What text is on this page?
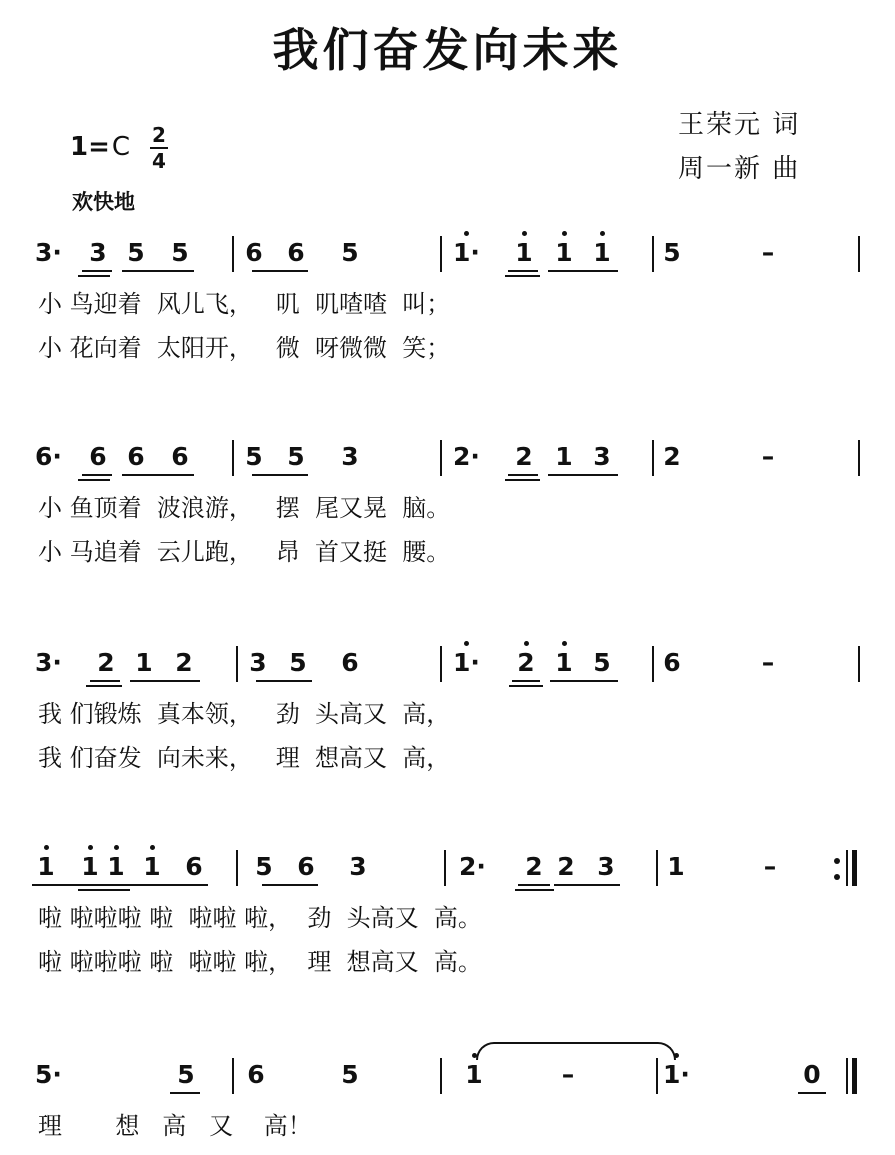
我们奋发向未来
1=C 2
4
欢快地
王荣元 词
周一新 曲
3· 3 5 5 6 6 5	1· 1 1 1 5	–
小 鸟迎着  风儿飞，   叽  叽喳喳  叫；
小 花向着  太阳开，   微  呀微微  笑；
6· 6 6 6 5 5 3	2· 2 1 3 2	–
小 鱼顶着  波浪游，   摆  尾又晃  脑。
小 马追着  云儿跑，   昂  首又挺  腰。
3· 2 1 2 3 5 6	1· 2 1 5 6	–
我 们锻炼  真本领，   劲  头高又  高，
我 们奋发  向未来，   理  想高又  高，
1 1 1 1 6 5 6 3	2· 2 2 3 1	–
啦 啦啦啦 啦  啦啦 啦，  劲  头高又  高。
啦 啦啦啦 啦  啦啦 啦，  理  想高又  高。
5·	5 6	5	1	–	1·	0
理       想   高   又    高！
